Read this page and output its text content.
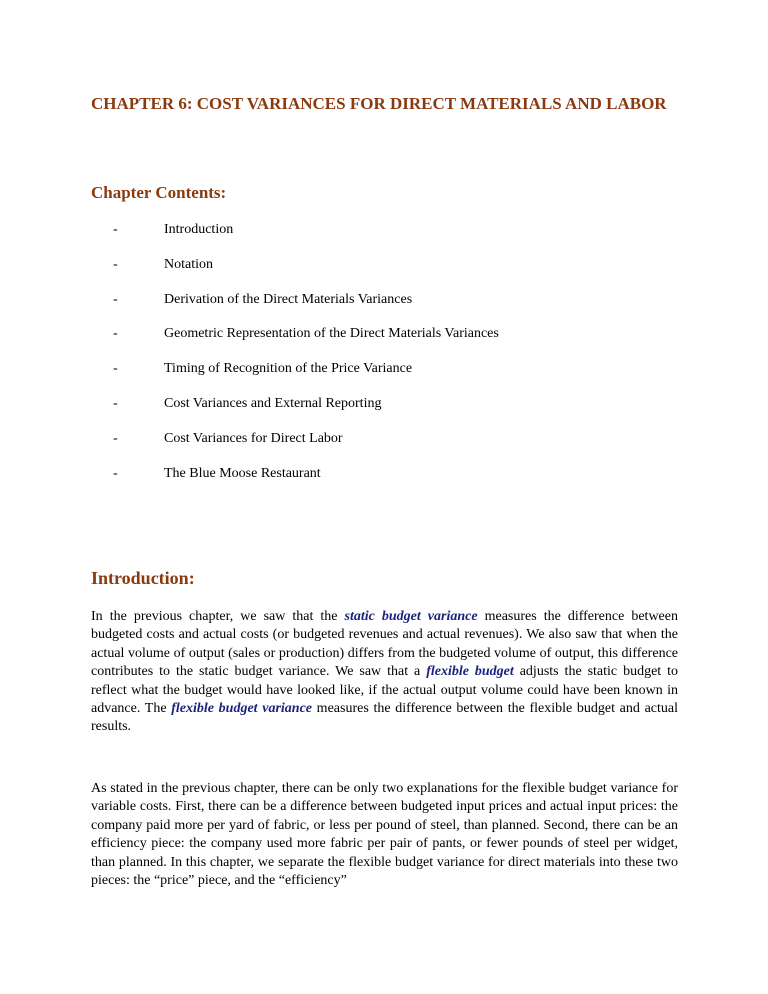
CHAPTER 6: COST VARIANCES FOR DIRECT MATERIALS AND LABOR
Chapter Contents:
-	Introduction
-	Notation
-	Derivation of the Direct Materials Variances
-	Geometric Representation of the Direct Materials Variances
-	Timing of Recognition of the Price Variance
-	Cost Variances and External Reporting
-	Cost Variances for Direct Labor
-	The Blue Moose Restaurant
Introduction:

In the previous chapter, we saw that the static budget variance measures the difference between budgeted costs and actual costs (or budgeted revenues and actual revenues). We also saw that when the actual volume of output (sales or production) differs from the budgeted volume of output, this difference contributes to the static budget variance. We saw that a flexible budget adjusts the static budget to reflect what the budget would have looked like, if the actual output volume could have been known in advance. The flexible budget variance measures the difference between the flexible budget and actual results.

As stated in the previous chapter, there can be only two explanations for the flexible budget variance for variable costs. First, there can be a difference between budgeted input prices and actual input prices: the company paid more per yard of fabric, or less per pound of steel, than planned. Second, there can be an efficiency piece: the company used more fabric per pair of pants, or fewer pounds of steel per widget, than planned. In this chapter, we separate the flexible budget variance for direct materials into these two pieces: the “price” piece, and the “efficiency”
